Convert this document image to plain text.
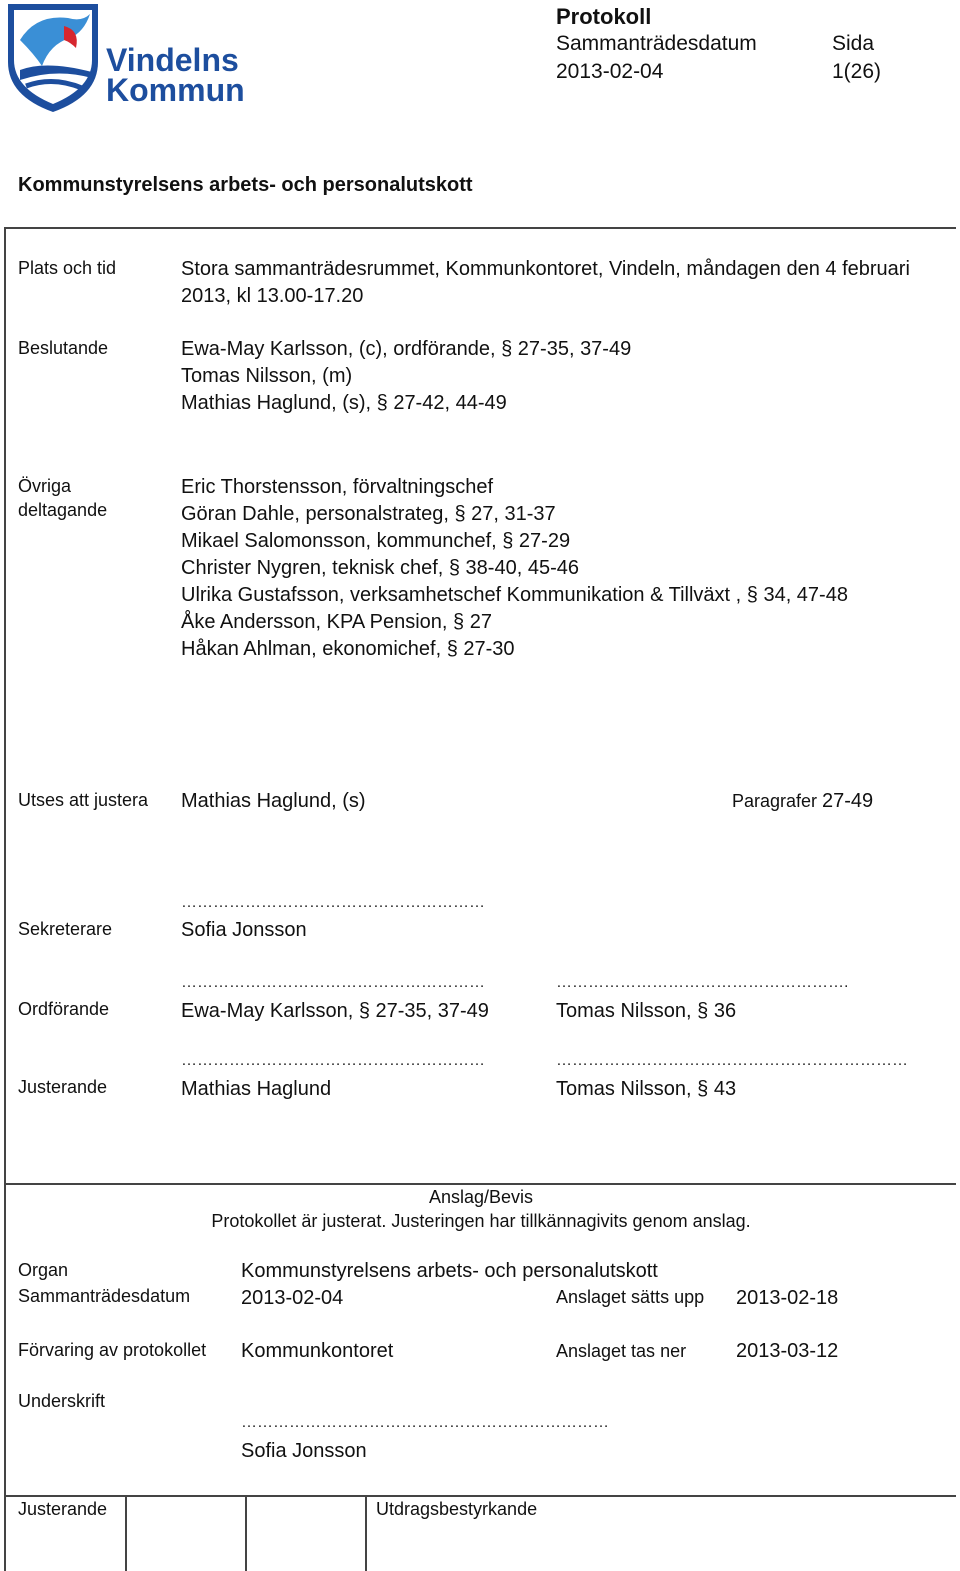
Vindelns
Kommun
Protokoll
Sammanträdesdatum
2013-02-04
Sida
1(26)
Kommunstyrelsens arbets- och personalutskott
Plats och tid	Stora sammanträdesrummet, Kommunkontoret, Vindeln, måndagen den 4 februari
2013, kl 13.00-17.20
Beslutande	Ewa-May Karlsson, (c), ordförande, § 27-35, 37-49
Tomas Nilsson, (m)
Mathias Haglund, (s), § 27-42, 44-49
Övriga
deltagande
Eric Thorstensson, förvaltningschef
Göran Dahle, personalstrateg, § 27, 31-37
Mikael Salomonsson, kommunchef, § 27-29
Christer Nygren, teknisk chef, § 38-40, 45-46
Ulrika Gustafsson, verksamhetschef Kommunikation & Tillväxt , § 34, 47-48
Åke Andersson, KPA Pension, § 27
Håkan Ahlman, ekonomichef, § 27-30
Utses att justera Mathias Haglund, (s)	Paragrafer 27-49
…………………………………………………
Sekreterare	Sofia Jonsson
…………………………………………………	……………………………………………….
Ordförande	Ewa-May Karlsson, § 27-35, 37-49	Tomas Nilsson, § 36
…………………………………………………	…………………………………………………………
Justerande	Mathias Haglund	Tomas Nilsson, § 43
Anslag/Bevis
Protokollet är justerat. Justeringen har tillkännagivits genom anslag.
Organ	Kommunstyrelsens arbets- och personalutskott
Sammanträdesdatum	2013-02-04	Anslaget sätts upp 2013-02-18
Förvaring av protokollet Kommunkontoret	Anslaget tas ner 2013-03-12
Underskrift
……………………………………………………………
Sofia Jonsson
Justerande	Utdragsbestyrkande
